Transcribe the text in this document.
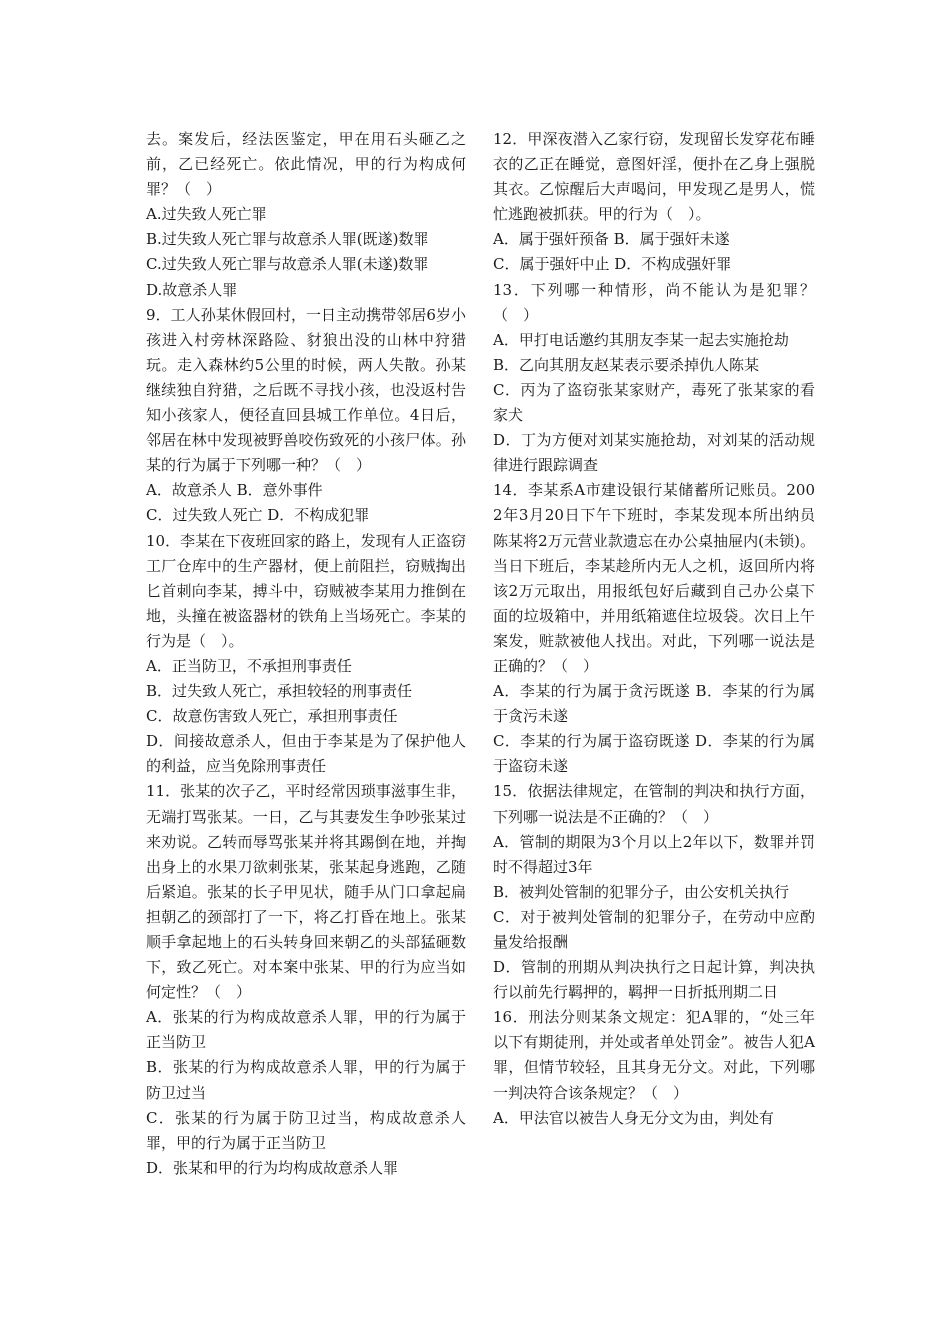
去。案发后，经法医鉴定，甲在用石头砸乙之前，乙已经死亡。依此情况，甲的行为构成何罪？（　）

A.过失致人死亡罪

B.过失致人死亡罪与故意杀人罪(既遂)数罪

C.过失致人死亡罪与故意杀人罪(未遂)数罪

D.故意杀人罪

9．工人孙某休假回村，一日主动携带邻居6岁小孩进入村旁林深路险、豺狼出没的山林中狩猎玩。走入森林约5公里的时候，两人失散。孙某继续独自狩猎，之后既不寻找小孩，也没返村告知小孩家人，便径直回县城工作单位。4日后，邻居在林中发现被野兽咬伤致死的小孩尸体。孙某的行为属于下列哪一种？（　）

A．故意杀人 B．意外事件

C．过失致人死亡 D．不构成犯罪

10．李某在下夜班回家的路上，发现有人正盗窃工厂仓库中的生产器材，便上前阻拦，窃贼掏出匕首刺向李某，搏斗中，窃贼被李某用力推倒在地，头撞在被盗器材的铁角上当场死亡。李某的行为是（　）。

A．正当防卫，不承担刑事责任

B．过失致人死亡，承担较轻的刑事责任

C．故意伤害致人死亡，承担刑事责任

D．间接故意杀人，但由于李某是为了保护他人的利益，应当免除刑事责任

11．张某的次子乙，平时经常因琐事滋事生非，无端打骂张某。一日，乙与其妻发生争吵张某过来劝说。乙转而辱骂张某并将其踢倒在地，并掏出身上的水果刀欲刺张某，张某起身逃跑，乙随后紧追。张某的长子甲见状，随手从门口拿起扁担朝乙的颈部打了一下，将乙打昏在地上。张某顺手拿起地上的石头转身回来朝乙的头部猛砸数下，致乙死亡。对本案中张某、甲的行为应当如何定性？（　）

A．张某的行为构成故意杀人罪，甲的行为属于正当防卫

B．张某的行为构成故意杀人罪，甲的行为属于防卫过当

C．张某的行为属于防卫过当，构成故意杀人罪，甲的行为属于正当防卫

D．张某和甲的行为均构成故意杀人罪

12．甲深夜潜入乙家行窃，发现留长发穿花布睡衣的乙正在睡觉，意图奸淫，便扑在乙身上强脱其衣。乙惊醒后大声喝问，甲发现乙是男人，慌忙逃跑被抓获。甲的行为（　）。

A．属于强奸预备 B．属于强奸未遂

C．属于强奸中止 D．不构成强奸罪

13．下列哪一种情形，尚不能认为是犯罪？（　）

A．甲打电话邀约其朋友李某一起去实施抢劫

B．乙向其朋友赵某表示要杀掉仇人陈某

C．丙为了盗窃张某家财产，毒死了张某家的看家犬

D．丁为方便对刘某实施抢劫，对刘某的活动规律进行跟踪调查

14．李某系A市建设银行某储蓄所记账员。2002年3月20日下午下班时，李某发现本所出纳员陈某将2万元营业款遗忘在办公桌抽屉内(未锁)。当日下班后，李某趁所内无人之机，返回所内将该2万元取出，用报纸包好后藏到自己办公桌下面的垃圾箱中，并用纸箱遮住垃圾袋。次日上午案发，赃款被他人找出。对此，下列哪一说法是正确的？（　）

A．李某的行为属于贪污既遂 B．李某的行为属于贪污未遂

C．李某的行为属于盗窃既遂 D．李某的行为属于盗窃未遂

15．依据法律规定，在管制的判决和执行方面，下列哪一说法是不正确的？（　）

A．管制的期限为3个月以上2年以下，数罪并罚时不得超过3年

B．被判处管制的犯罪分子，由公安机关执行

C．对于被判处管制的犯罪分子，在劳动中应酌量发给报酬

D．管制的刑期从判决执行之日起计算，判决执行以前先行羁押的，羁押一日折抵刑期二日

16．刑法分则某条文规定：犯A罪的，“处三年以下有期徒刑，并处或者单处罚金”。被告人犯A罪，但情节较轻，且其身无分文。对此，下列哪一判决符合该条规定？（　）

A．甲法官以被告人身无分文为由，判处有
